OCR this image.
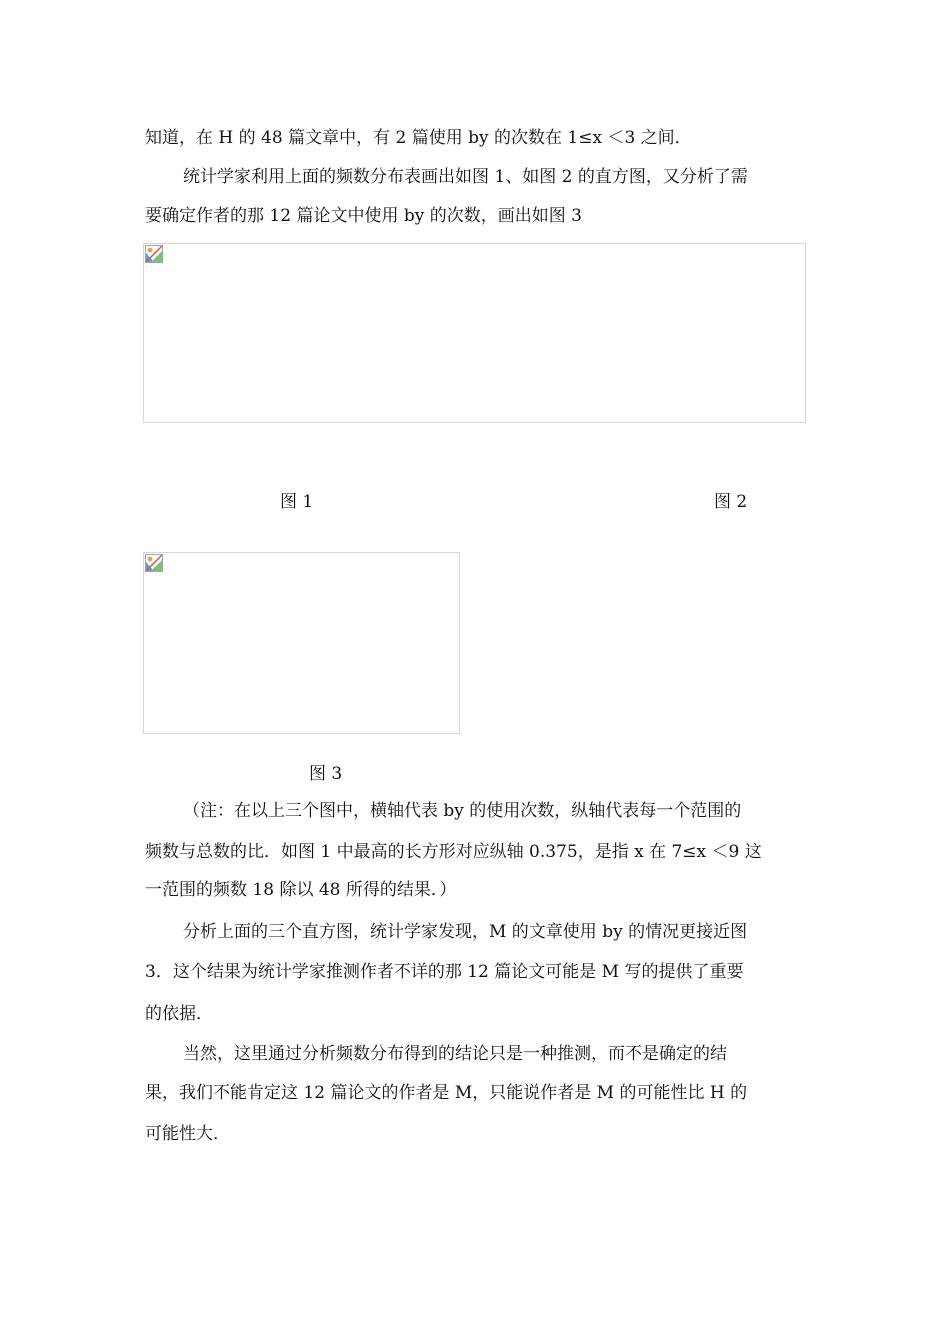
知道，在 H 的 48 篇文章中，有 2 篇使用 by 的次数在 1≤x ＜3 之间．
统计学家利用上面的频数分布表画出如图 1、如图 2 的直方图，又分析了需
要确定作者的那 12 篇论文中使用 by 的次数，画出如图 3
图 1	图 2
图 3
（注：在以上三个图中，横轴代表 by 的使用次数，纵轴代表每一个范围的
频数与总数的比．如图 1 中最高的长方形对应纵轴 0.375，是指 x 在 7≤x ＜9 这
一范围的频数 18 除以 48 所得的结果．）
分析上面的三个直方图，统计学家发现，M 的文章使用 by 的情况更接近图
3．这个结果为统计学家推测作者不详的那 12 篇论文可能是 M 写的提供了重要
的依据．
当然，这里通过分析频数分布得到的结论只是一种推测，而不是确定的结
果，我们不能肯定这 12 篇论文的作者是 M，只能说作者是 M 的可能性比 H 的
可能性大．
